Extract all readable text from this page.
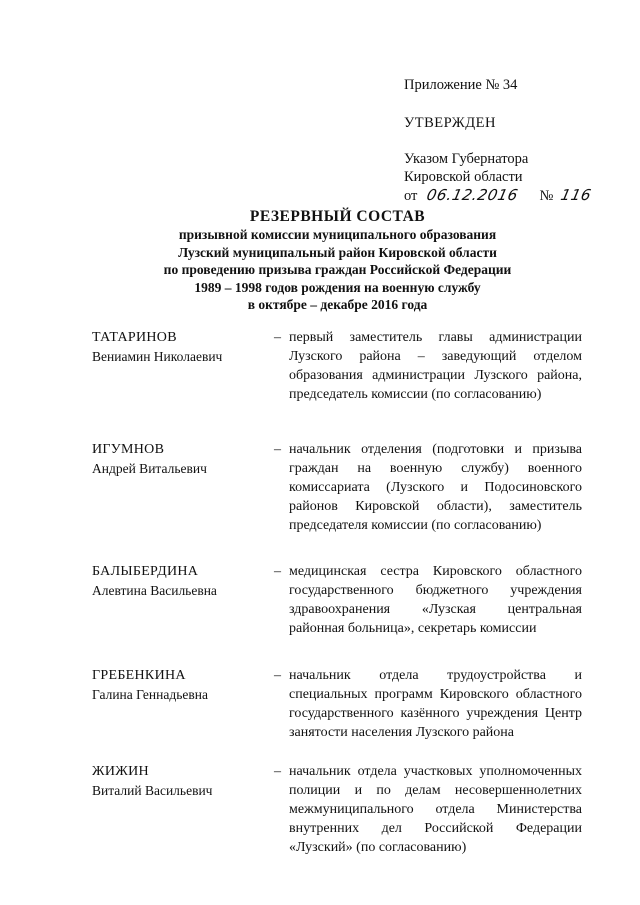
Приложение № 34

УТВЕРЖДЕН

Указом Губернатора

Кировской области

от 06.12.2016 № 116

РЕЗЕРВНЫЙ СОСТАВ
призывной комиссии муниципального образования
Лузский муниципальный район Кировской области
по проведению призыва граждан Российской Федерации
1989 – 1998 годов рождения на военную службу
в октябре – декабре 2016 года
ТАТАРИНОВ
Вениамин Николаевич
– первый заместитель главы администрации Лузского района – заведующий отделом образования администрации Лузского района, председатель комиссии (по согласованию)
ИГУМНОВ
Андрей Витальевич
– начальник отделения (подготовки и призыва граждан на военную службу) военного комиссариата (Лузского и Подосиновского районов Кировской области), заместитель председателя комиссии (по согласованию)
БАЛЫБЕРДИНА
Алевтина Васильевна
– медицинская сестра Кировского областного государственного бюджетного учреждения здравоохранения «Лузская центральная районная больница», секретарь комиссии
ГРЕБЕНКИНА
Галина Геннадьевна
– начальник отдела трудоустройства и специальных программ Кировского областного государственного казённого учреждения Центр занятости населения Лузского района
ЖИЖИН
Виталий Васильевич
– начальник отдела участковых уполномоченных полиции и по делам несовершеннолетних межмуниципального отдела Министерства внутренних дел Российской Федерации «Лузский» (по согласованию)
